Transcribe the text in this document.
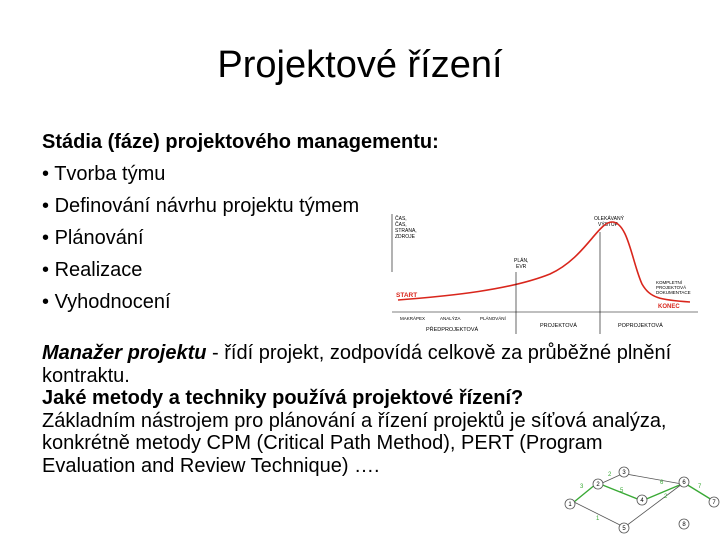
Projektové řízení
Stádia (fáze) projektového managementu:
• Tvorba týmu
• Definování návrhu projektu týmem
• Plánování
• Realizace
• Vyhodnocení
ČAS,
ČAS,
STRANA,
ZDROJE
OLEKÁVANÝ
VÝSTUP
PLÁN,
EVR
KOMPLETNÍ
PROJEKTOVÁ
DOKUMENTACE
START
KONEC
MAKRÁPEX	ANALÝZA	PLÁNOVÁNÍ
PŘEDPROJEKTOVÁ
PROJEKTOVÁ	POPROJEKTOVÁ
Manažer projektu - řídí projekt, zodpovídá celkově za průběžné plnění kontraktu.
Jaké metody a techniky používá projektové řízení?
Základním nástrojem pro plánování a řízení projektů je síťová analýza, konkrétně metody CPM (Critical Path Method), PERT (Program Evaluation and Review Technique) ….
3
2
5
6
2
1
7
1
2
3
4
5
6
7
8
